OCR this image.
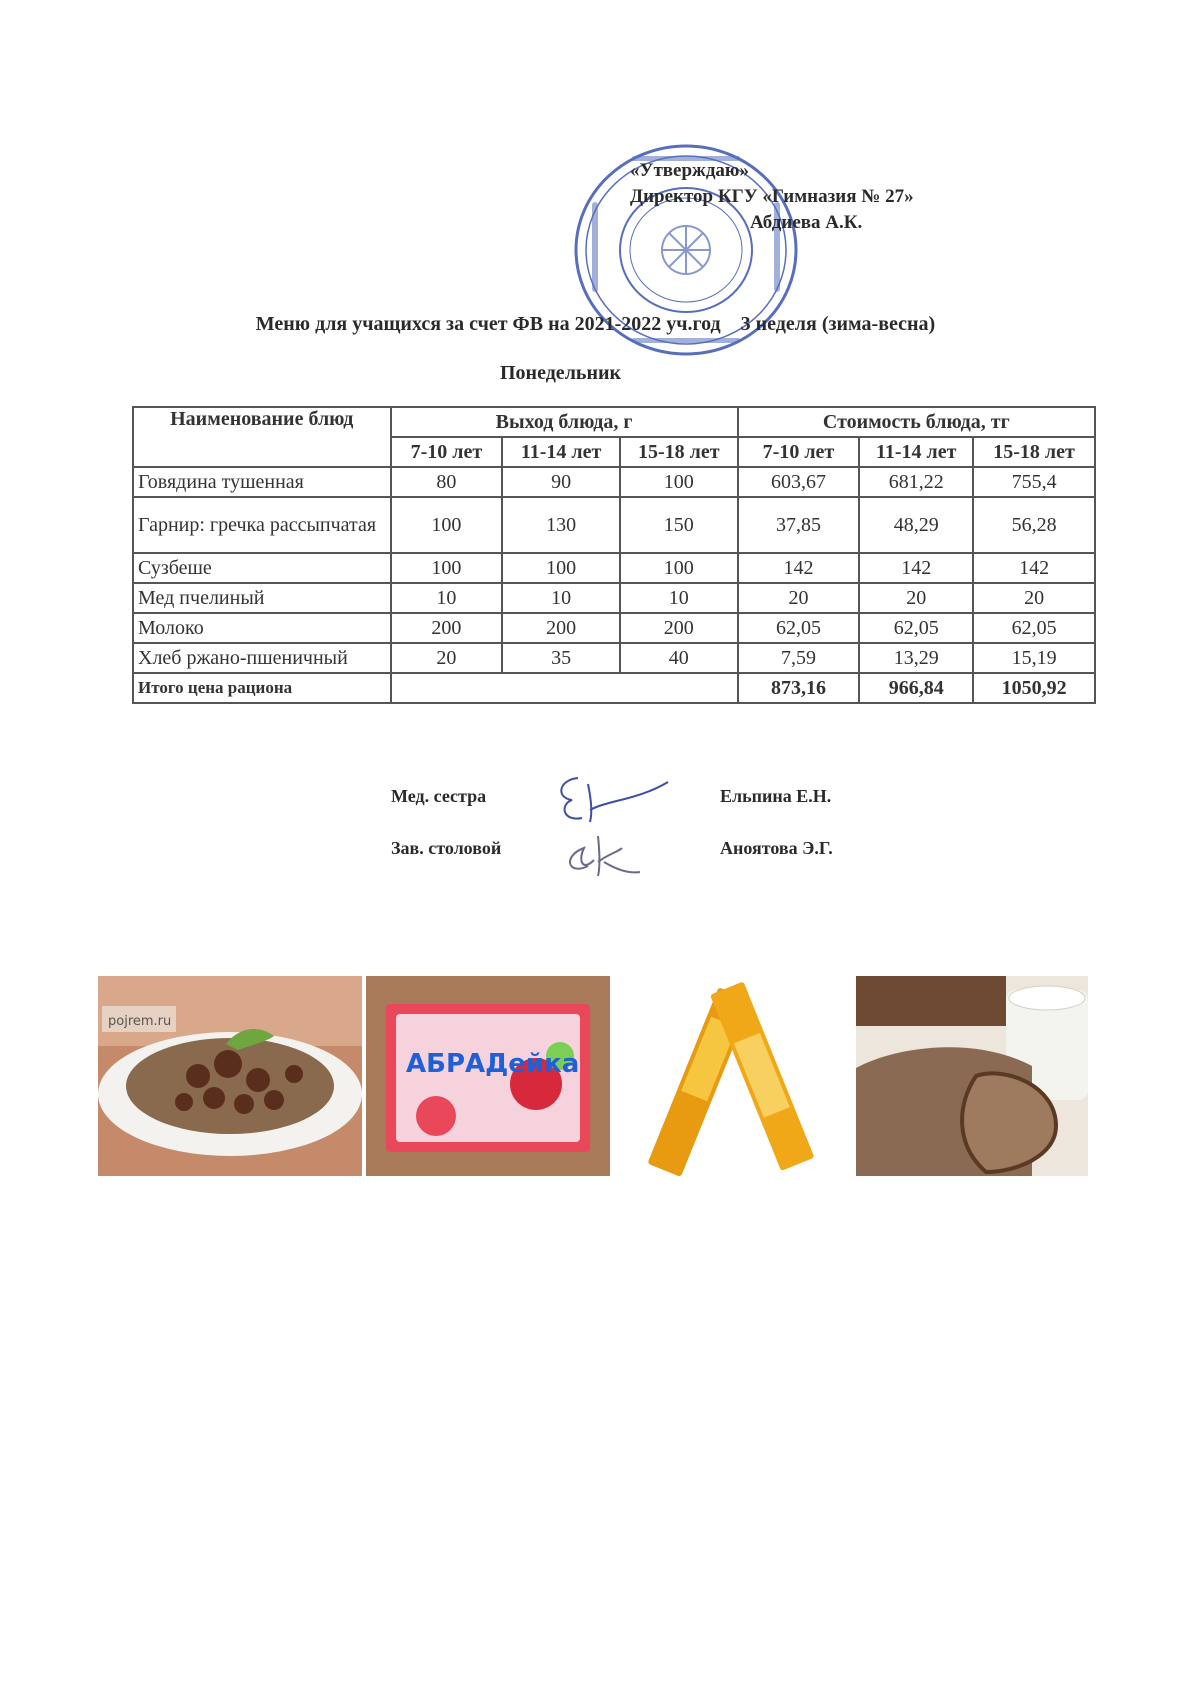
«Утверждаю»
Директор КГУ «Гимназия № 27»
Абдиева А.К.
Меню для учащихся за счет ФВ на 2021-2022 уч.год    3 неделя (зима-весна)
Понедельник
Наименование блюд	Выход блюда, г			Стоимость блюда, тг		
	7-10 лет	11-14 лет	15-18 лет	7-10 лет	11-14 лет	15-18 лет
Говядина тушенная	80	90	100	603,67	681,22	755,4
Гарнир: гречка рассыпчатая	100	130	150	37,85	48,29	56,28
Сузбеше	100	100	100	142	142	142
Мед пчелиный	10	10	10	20	20	20
Молоко	200	200	200	62,05	62,05	62,05
Хлеб ржано-пшеничный	20	35	40	7,59	13,29	15,19
Итого цена рациона				873,16	966,84	1050,92
Мед. сестра	Ельпина Е.Н.
Зав. столовой	Аноятова Э.Г.
pojrem.ru
АБРАДейка
